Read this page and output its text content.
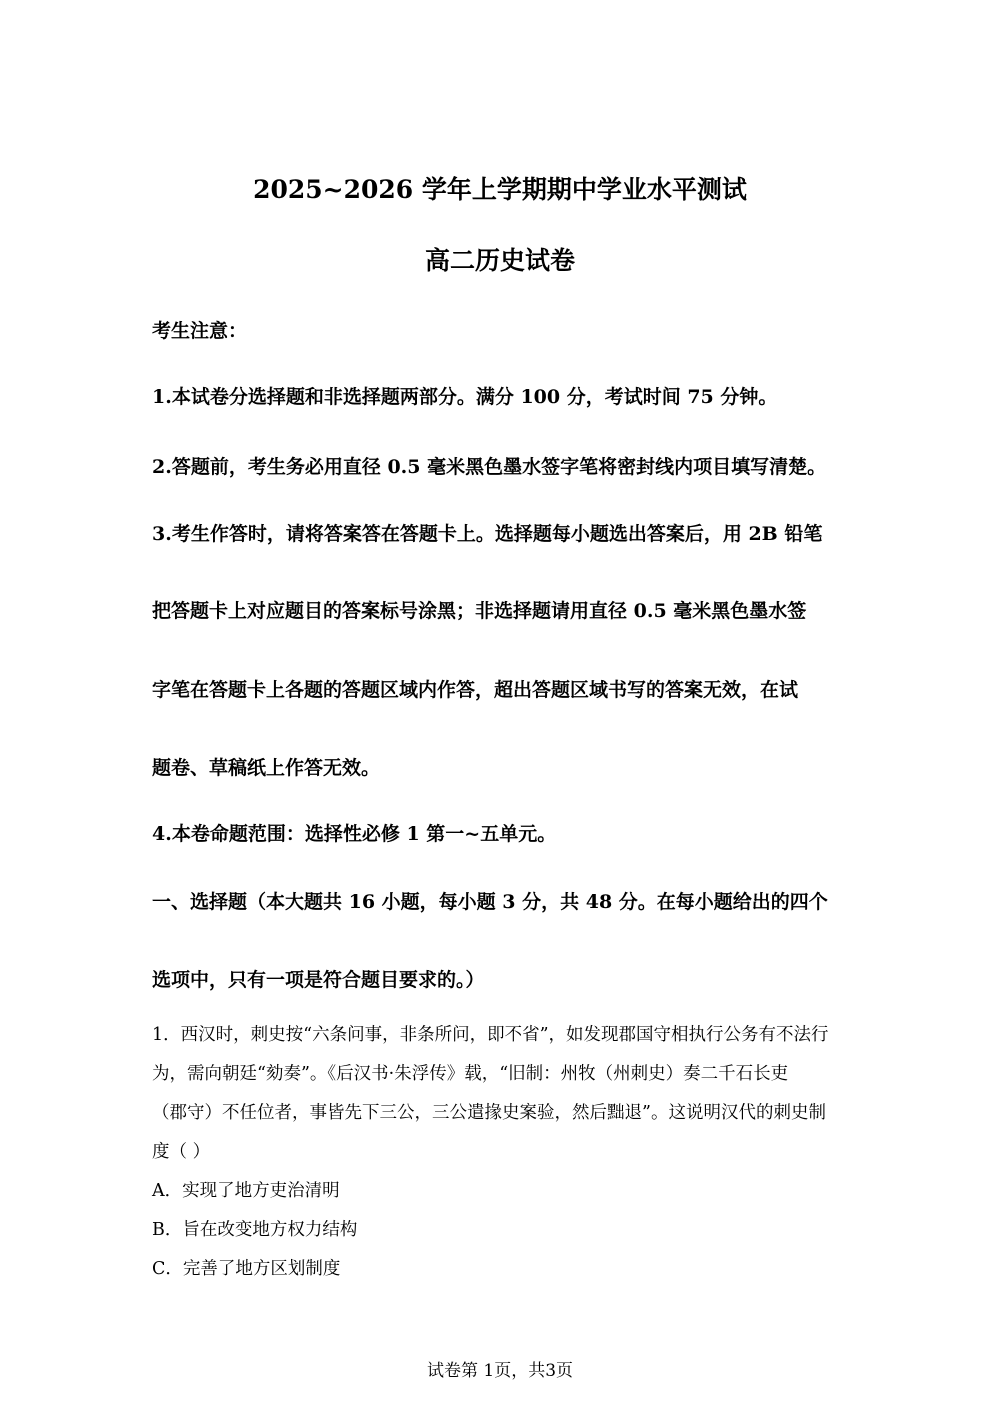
2025~2026 学年上学期期中学业水平测试
高二历史试卷

考生注意：

1.本试卷分选择题和非选择题两部分。满分 100 分，考试时间 75 分钟。

2.答题前，考生务必用直径 0.5 毫米黑色墨水签字笔将密封线内项目填写清楚。

3.考生作答时，请将答案答在答题卡上。选择题每小题选出答案后，用 2B 铅笔

把答题卡上对应题目的答案标号涂黑；非选择题请用直径 0.5 毫米黑色墨水签

字笔在答题卡上各题的答题区域内作答，超出答题区域书写的答案无效，在试

题卷、草稿纸上作答无效。

4.本卷命题范围：选择性必修 1 第一~五单元。

一、选择题（本大题共 16 小题，每小题 3 分，共 48 分。在每小题给出的四个

选项中，只有一项是符合题目要求的。）

1．西汉时，刺史按“六条问事，非条所问，即不省”，如发现郡国守相执行公务有不法行

为，需向朝廷“劾奏”。《后汉书·朱浮传》载，“旧制：州牧（州刺史）奏二千石长吏

（郡守）不任位者，事皆先下三公，三公遣掾史案验，然后黜退”。这说明汉代的刺史制

度（ ）

A．实现了地方吏治清明

B．旨在改变地方权力结构

C．完善了地方区划制度

试卷第 1页，共3页
